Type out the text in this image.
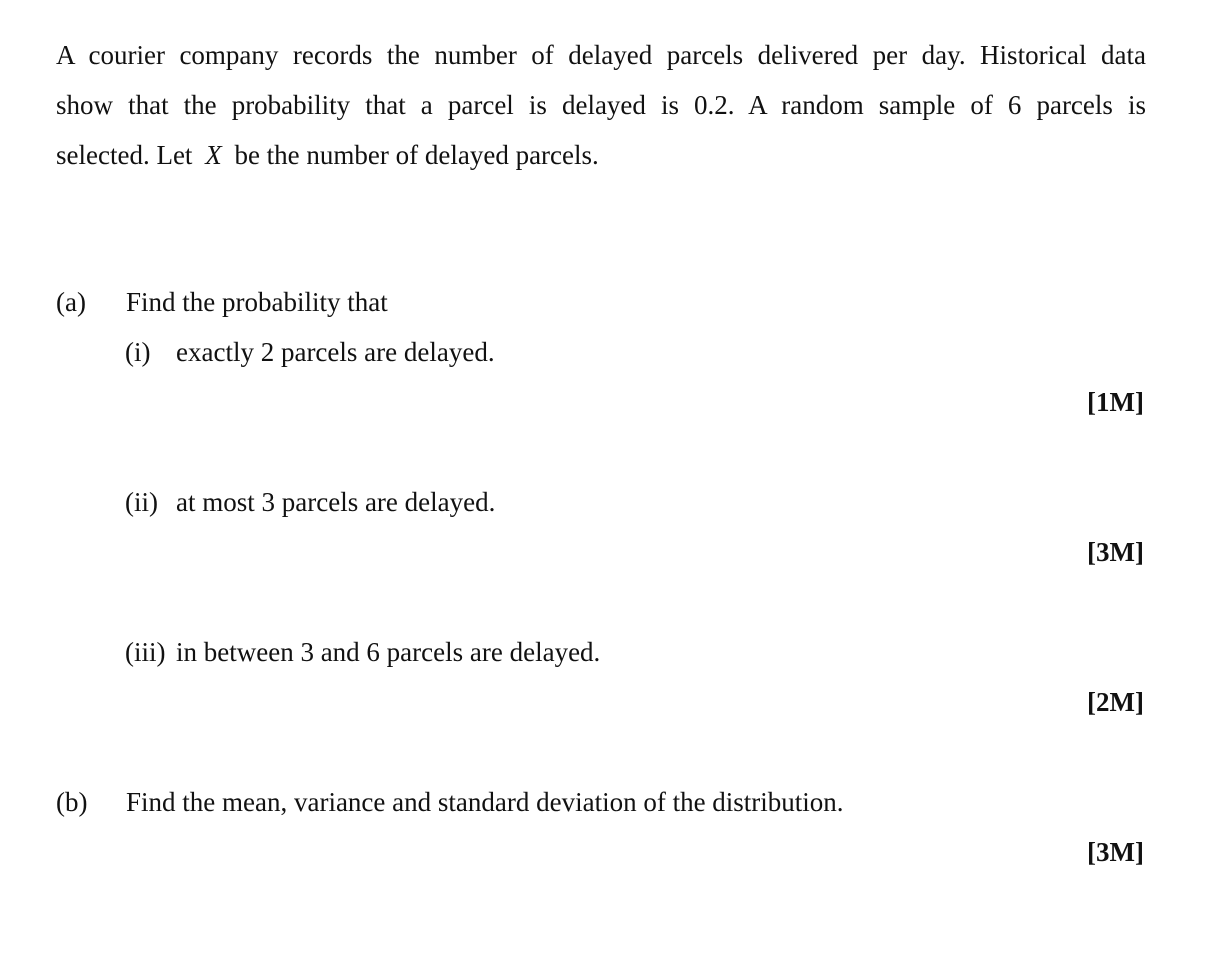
A courier company records the number of delayed parcels delivered per day. Historical data
show that the probability that a parcel is delayed is 0.2. A random sample of 6 parcels is
selected. Let X be the number of delayed parcels.
(a) Find the probability that
(i) exactly 2 parcels are delayed.
[1M]
(ii) at most 3 parcels are delayed.
[3M]
(iii) in between 3 and 6 parcels are delayed.
[2M]
(b) Find the mean, variance and standard deviation of the distribution.
[3M]
